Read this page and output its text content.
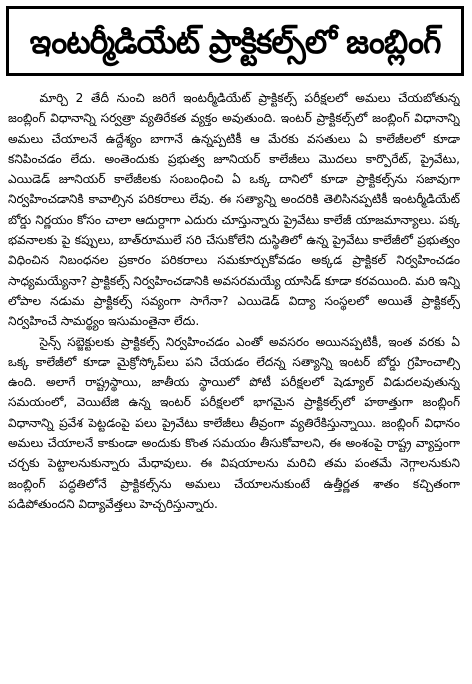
ఇంటర్మీడియేట్ ప్రాక్టికల్స్‌లో జంబ్లింగ్

మార్చి 2 తేదీ నుంచి జరిగే ఇంటర్మీడియేట్ ప్రాక్టికల్స్ పరీక్షలలో అమలు చేయబోతున్న జంబ్లింగ్ విధానాన్ని సర్వత్రా వ్యతిరేకత వ్యక్తం అవుతుంది. ఇంటర్ ప్రాక్టికల్స్‌లో జంబ్లింగ్ విధానాన్ని అమలు చేయాలనే ఉద్దేశ్యం బాగానే ఉన్నప్పటికీ ఆ మేరకు వసతులు ఏ కాలేజీలలో కూడా కనిపించడం లేదు. అంతెందుకు ప్రభుత్వ జూనియర్ కాలేజీలు మొదలు కార్పొరేట్, ప్రైవేటు, ఎయిడెడ్ జూనియర్ కాలేజీలకు సంబంధించి ఏ ఒక్క దానిలో కూడా ప్రాక్టికల్స్‌ను సజావుగా నిర్వహించడానికి కావాల్సిన పరికరాలు లేవు. ఈ సత్యాన్ని అందరికి తెలిసినప్పటికీ ఇంటర్మీడియేట్ బోర్డు నిర్ణయం కోసం చాలా ఆదుర్దాగా ఎదురు చూస్తున్నారు ప్రైవేటు కాలేజీ యాజమాన్యాలు. పక్క భవనాలకు పై కప్పులు, బాత్‌రూములే సరి చేసుకోలేని దుస్థితిలో ఉన్న ప్రైవేటు కాలేజీలో ప్రభుత్వం విధించిన నిబంధనల ప్రకారం పరికరాలు సమకూర్చుకోవడం అక్కడ ప్రాక్టికల్ నిర్వహించడం సాధ్యమయ్యేనా? ప్రాక్టికల్స్ నిర్వహించడానికి అవసరమయ్యే యాసిడ్ కూడా కరవయింది. మరి ఇన్ని లోపాల నడుమ ప్రాక్టికల్స్ సవ్యంగా సాగేనా? ఎయిడెడ్ విద్యా సంస్థలలో అయితే ప్రాక్టికల్స్ నిర్వహించే సామర్థ్యం ఇసుమంతైనా లేదు.

సైన్స్ సబ్జెక్టులకు ప్రాక్టికల్స్ నిర్వహించడం ఎంతో అవసరం అయినప్పటికీ, ఇంత వరకు ఏ ఒక్క కాలేజీలో కూడా మైక్రోస్కోప్‌లు పని చేయడం లేదన్న సత్యాన్ని ఇంటర్ బోర్డు గ్రహించాల్సి ఉంది. అలాగే రాష్ట్రస్థాయి, జాతీయ స్థాయిలో పోటీ పరీక్షలలో షెడ్యూల్ విడుదలవుతున్న సమయంలో, వెయిటేజి ఉన్న ఇంటర్ పరీక్షలలో భాగమైన ప్రాక్టికల్స్‌లో హఠాత్తుగా జంబ్లింగ్ విధానాన్ని ప్రవేశ పెట్టడంపై పలు ప్రైవేటు కాలేజీలు తీవ్రంగా వ్యతిరేకిస్తున్నాయి. జంబ్లింగ్ విధానం అమలు చేయాలనే కాకుండా అందుకు కొంత సమయం తీసుకోవాలని, ఈ అంశంపై రాష్ట్ర వ్యాప్తంగా చర్చకు పెట్టాలనుకున్నారు మేధావులు. ఈ విషయాలను మరిచి తమ పంతమే నెగ్గాలనుకుని జంబ్లింగ్ పద్ధతిలోనే ప్రాక్టికల్స్‌ను అమలు చేయాలనుకుంటే ఉత్తీర్ణత శాతం కచ్చితంగా పడిపోతుందని విద్యావేత్తలు హెచ్చరిస్తున్నారు.
